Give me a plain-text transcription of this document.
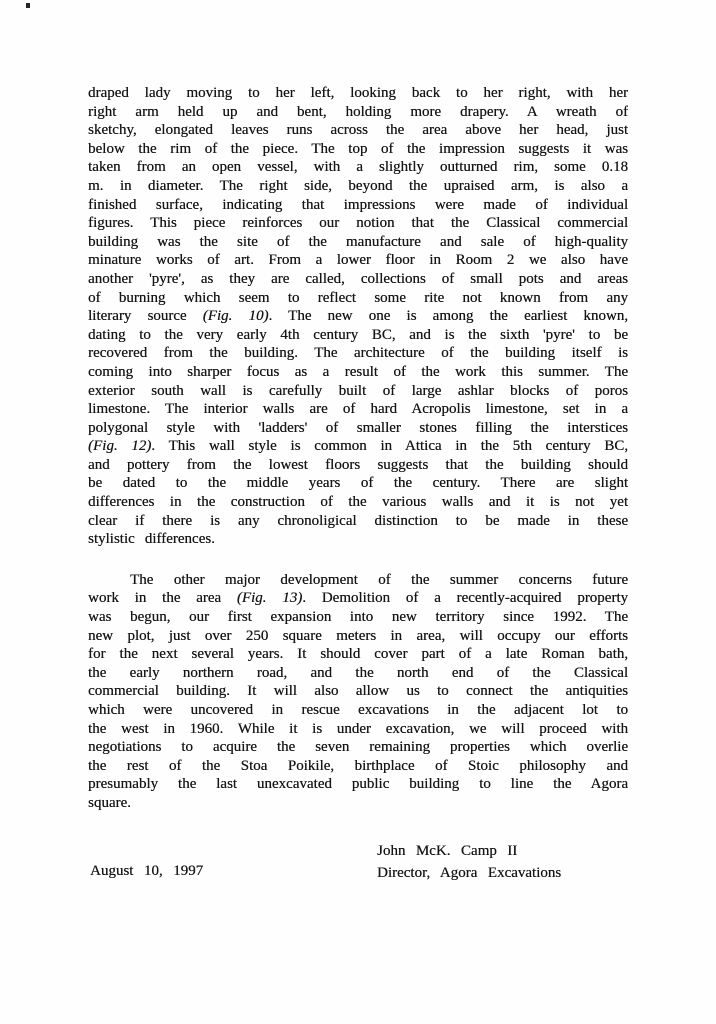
draped lady moving to her left, looking back to her right, with her
right arm held up and bent, holding more drapery. A wreath of
sketchy, elongated leaves runs across the area above her head, just
below the rim of the piece. The top of the impression suggests it was
taken from an open vessel, with a slightly outturned rim, some 0.18
m. in diameter. The right side, beyond the upraised arm, is also a
finished surface, indicating that impressions were made of individual
figures. This piece reinforces our notion that the Classical commercial
building was the site of the manufacture and sale of high-quality
minature works of art. From a lower floor in Room 2 we also have
another 'pyre', as they are called, collections of small pots and areas
of burning which seem to reflect some rite not known from any
literary source (Fig. 10). The new one is among the earliest known,
dating to the very early 4th century BC, and is the sixth 'pyre' to be
recovered from the building. The architecture of the building itself is
coming into sharper focus as a result of the work this summer. The
exterior south wall is carefully built of large ashlar blocks of poros
limestone. The interior walls are of hard Acropolis limestone, set in a
polygonal style with 'ladders' of smaller stones filling the interstices
(Fig. 12). This wall style is common in Attica in the 5th century BC,
and pottery from the lowest floors suggests that the building should
be dated to the middle years of the century. There are slight
differences in the construction of the various walls and it is not yet
clear if there is any chronoligical distinction to be made in these
stylistic differences.
The other major development of the summer concerns future
work in the area (Fig. 13). Demolition of a recently-acquired property
was begun, our first expansion into new territory since 1992. The
new plot, just over 250 square meters in area, will occupy our efforts
for the next several years. It should cover part of a late Roman bath,
the early northern road, and the north end of the Classical
commercial building. It will also allow us to connect the antiquities
which were uncovered in rescue excavations in the adjacent lot to
the west in 1960. While it is under excavation, we will proceed with
negotiations to acquire the seven remaining properties which overlie
the rest of the Stoa Poikile, birthplace of Stoic philosophy and
presumably the last unexcavated public building to line the Agora
square.
August 10, 1997
John McK. Camp II
Director, Agora Excavations
